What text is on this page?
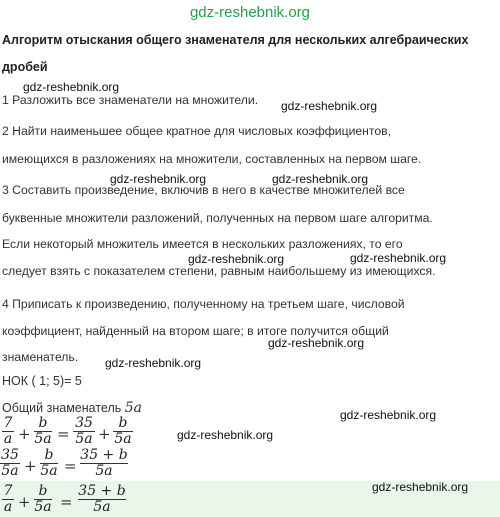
gdz-reshebnik.org
Алгоритм отыскания общего знаменателя для нескольких алгебраических
дробей
1 Разложить все знаменатели на множители.
2 Найти наименьшее общее кратное для числовых коэффициентов,
имеющихся в разложениях на множители, составленных на первом шаге.
3 Составить произведение, включив в него в качестве множителей все
буквенные множители разложений, полученных на первом шаге алгоритма.
Если некоторый множитель имеется в нескольких разложениях, то его
следует взять с показателем степени, равным наибольшему из имеющихся.
4 Приписать к произведению, полученному на третьем шаге, числовой
коэффициент, найденный на втором шаге; в итоге получится общий
знаменатель.
НОК ( 1; 5)= 5
Общий знаменатель 5a
7
a +
b
5a =
35
5a +
b
5a
35
5a +
b
5a =
35 + b
5a
7
a +
b
5a =
35 + b
5a
gdz-reshebnik.org
gdz-reshebnik.org
gdz-reshebnik.org	gdz-reshebnik.org
gdz-reshebnik.org
gdz-reshebnik.org
gdz-reshebnik.org
gdz-reshebnik.org
gdz-reshebnik.org
gdz-reshebnik.org
gdz-reshebnik.org
